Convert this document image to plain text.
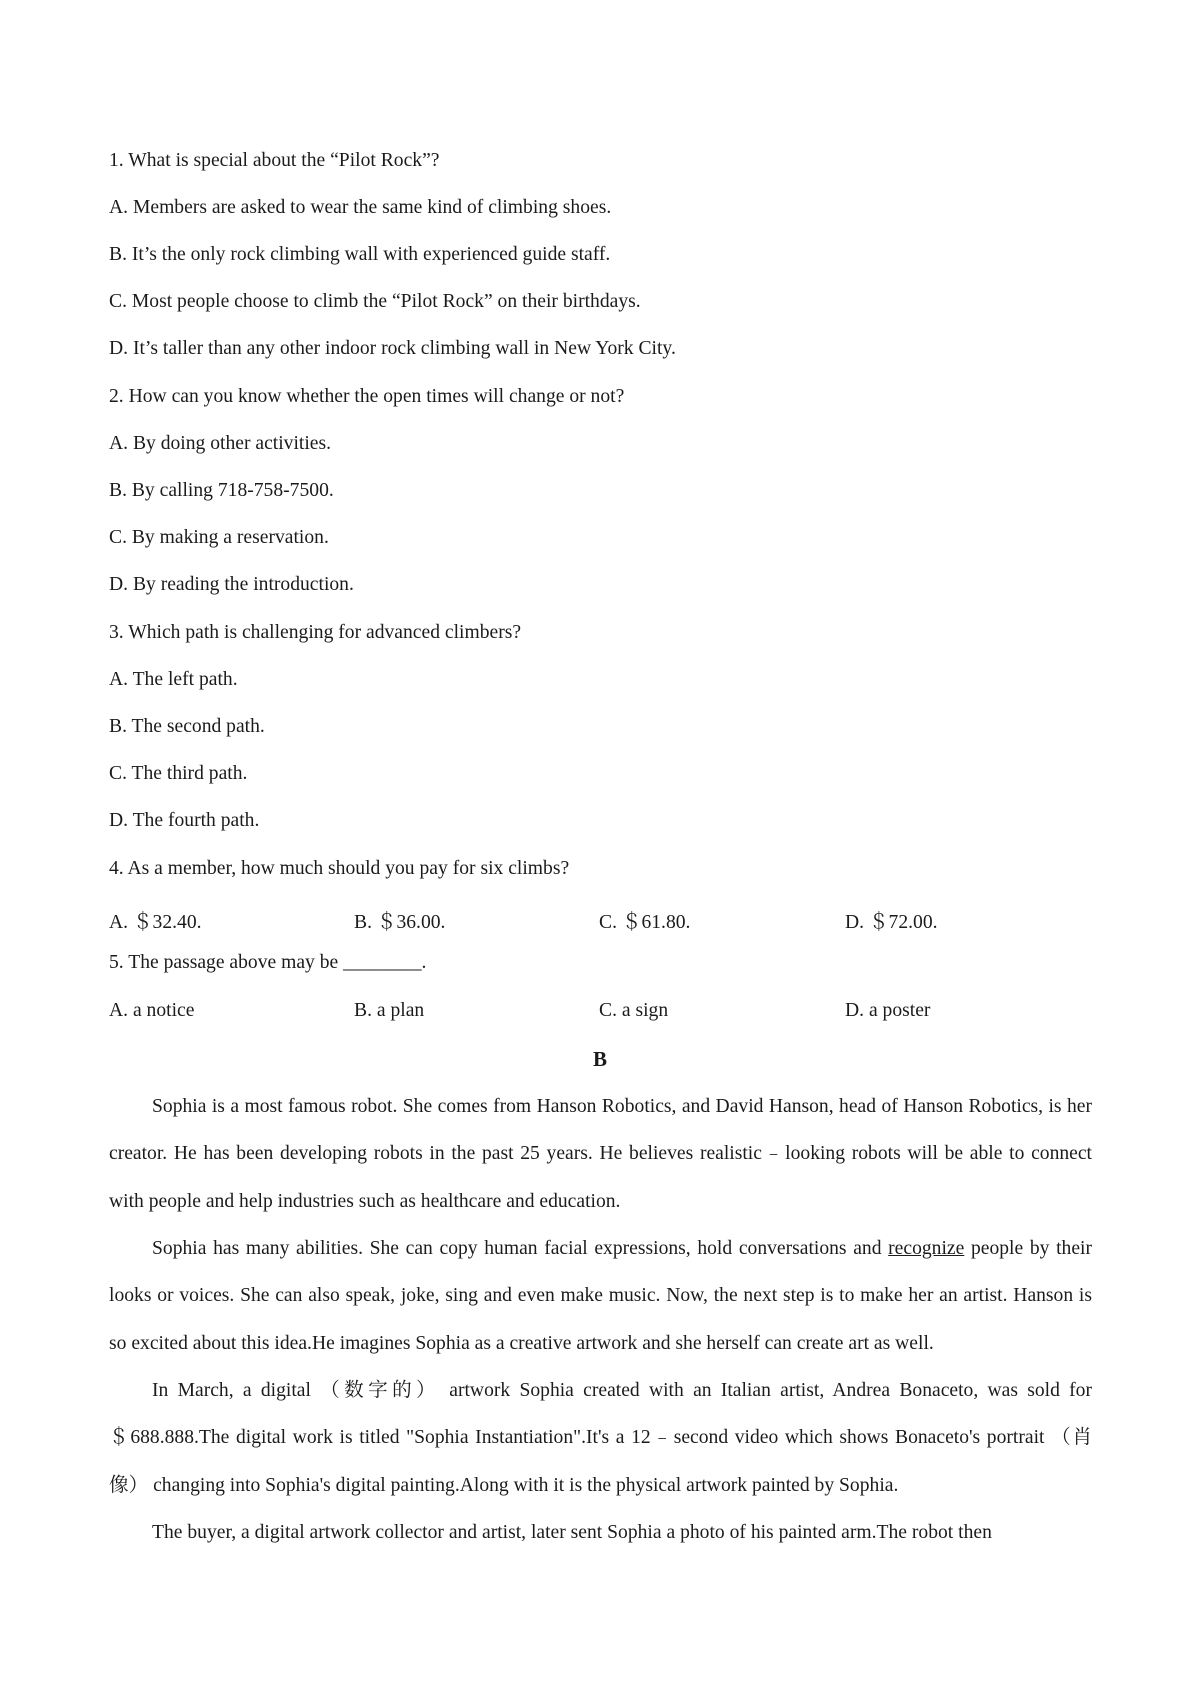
1. What is special about the “Pilot Rock”?
A. Members are asked to wear the same kind of climbing shoes.
B. It’s the only rock climbing wall with experienced guide staff.
C. Most people choose to climb the “Pilot Rock” on their birthdays.
D. It’s taller than any other indoor rock climbing wall in New York City.
2. How can you know whether the open times will change or not?
A. By doing other activities.
B. By calling 718-758-7500.
C. By making a reservation.
D. By reading the introduction.
3. Which path is challenging for advanced climbers?
A. The left path.
B. The second path.
C. The third path.
D. The fourth path.
4. As a member, how much should you pay for six climbs?
A. ＄32.40.	B. ＄36.00.	C. ＄61.80.	D. ＄72.00.
5. The passage above may be ________.
A. a notice	B. a plan	C. a sign	D. a poster
B
Sophia is a most famous robot. She comes from Hanson Robotics, and David Hanson, head of Hanson Robotics, is her creator. He has been developing robots in the past 25 years. He believes realistic﹣looking robots will be able to connect with people and help industries such as healthcare and education.
Sophia has many abilities. She can copy human facial expressions, hold conversations and recognize people by their looks or voices. She can also speak, joke, sing and even make music. Now, the next step is to make her an artist. Hanson is so excited about this idea.He imagines Sophia as a creative artwork and she herself can create art as well.
In March, a digital （数字的） artwork Sophia created with an Italian artist, Andrea Bonaceto, was sold for ＄688.888.The digital work is titled "Sophia Instantiation".It's a 12﹣second video which shows Bonaceto's portrait （肖像） changing into Sophia's digital painting.Along with it is the physical artwork painted by Sophia.
The buyer, a digital artwork collector and artist, later sent Sophia a photo of his painted arm.The robot then
